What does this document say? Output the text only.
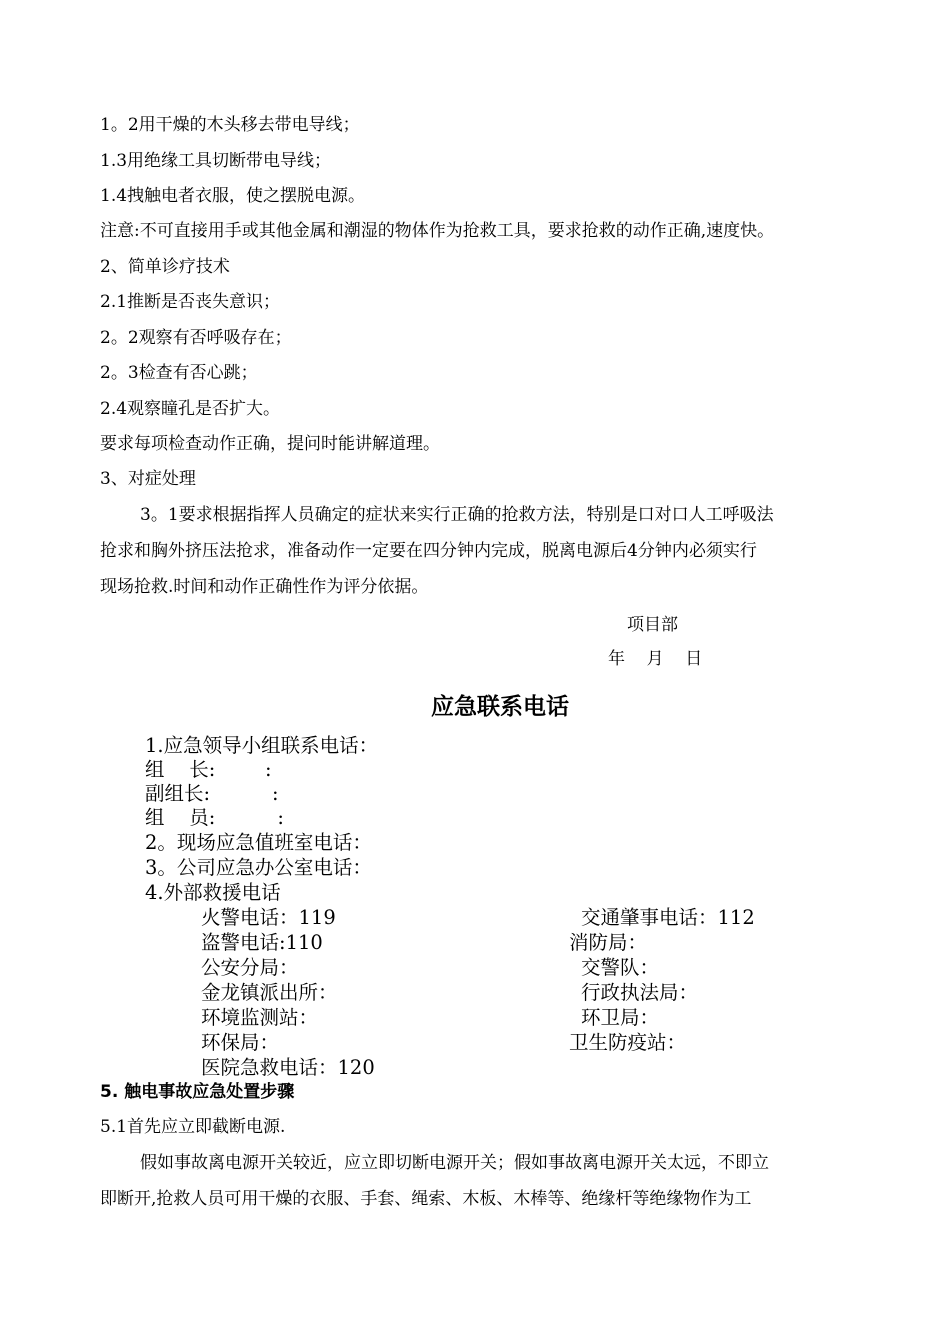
1。2用干燥的木头移去带电导线；
1.3用绝缘工具切断带电导线；
1.4拽触电者衣服，使之摆脱电源。
注意:不可直接用手或其他金属和潮湿的物体作为抢救工具，要求抢救的动作正确,速度快。
2、简单诊疗技术
2.1推断是否丧失意识；
2。2观察有否呼吸存在；
2。3检查有否心跳；
2.4观察瞳孔是否扩大。
要求每项检查动作正确，提问时能讲解道理。
3、对症处理
3。1要求根据指挥人员确定的症状来实行正确的抢救方法，特别是口对口人工呼吸法
抢求和胸外挤压法抢求，准备动作一定要在四分钟内完成，脱离电源后4分钟内必须实行
现场抢救.时间和动作正确性作为评分依据。
项目部
年    月    日
应急联系电话
1.应急领导小组联系电话：
组    长:        :
副组长:          :
组    员:          :
2。现场应急值班室电话：
3。公司应急办公室电话：
4.外部救援电话
火警电话：119
盗警电话:110
公安分局：
金龙镇派出所：
环境监测站：
环保局：
医院急救电话：120
交通肇事电话：112
消防局：
交警队：
行政执法局：
环卫局：
卫生防疫站：
5. 触电事故应急处置步骤
5.1首先应立即截断电源.
假如事故离电源开关较近，应立即切断电源开关；假如事故离电源开关太远，不即立
即断开,抢救人员可用干燥的衣服、手套、绳索、木板、木棒等、绝缘杆等绝缘物作为工
